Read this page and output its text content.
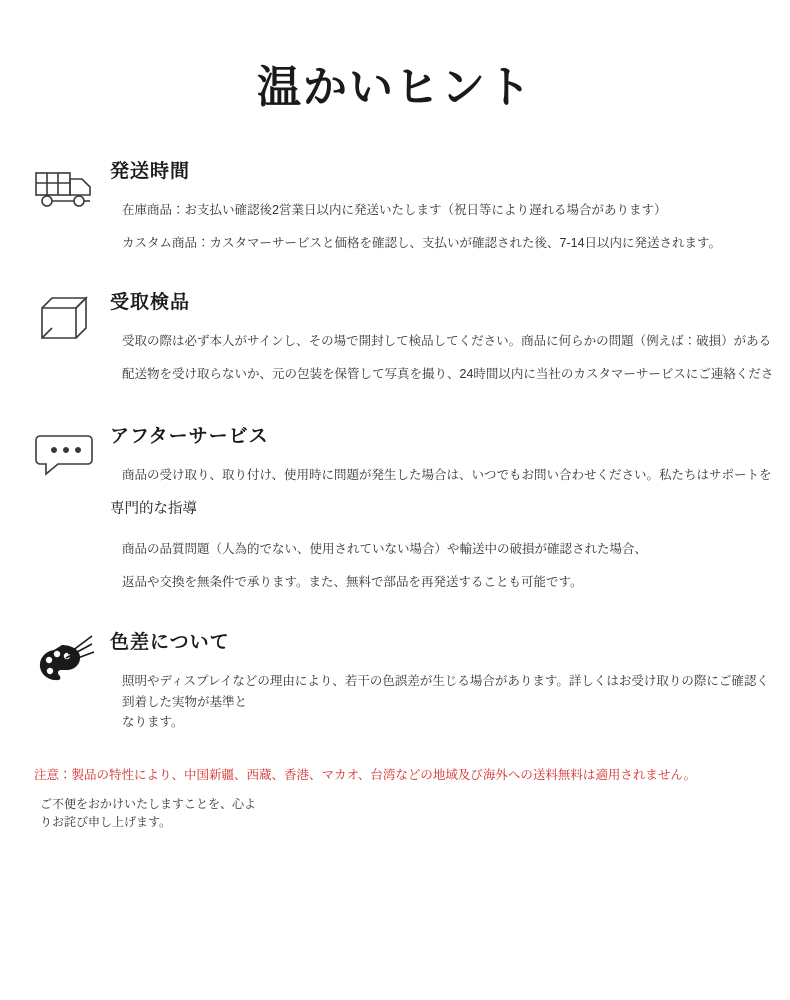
温かいヒント
発送時間

在庫商品：お支払い確認後2営業日以内に発送いたします（祝日等により遅れる場合があります）

カスタム商品：カスタマーサービスと価格を確認し、支払いが確認された後、7-14日以内に発送されます。

受取検品

受取の際は必ず本人がサインし、その場で開封して検品してください。商品に何らかの問題（例えば：破損）がある

配送物を受け取らないか、元の包装を保管して写真を撮り、24時間以内に当社のカスタマーサービスにご連絡くださ

アフターサービス

商品の受け取り、取り付け、使用時に問題が発生した場合は、いつでもお問い合わせください。私たちはサポートを

専門的な指導

商品の品質問題（人為的でない、使用されていない場合）や輸送中の破損が確認された場合、

返品や交換を無条件で承ります。また、無料で部品を再発送することも可能です。

色差について

照明やディスプレイなどの理由により、若干の色誤差が生じる場合があります。詳しくはお受け取りの際にご確認く

到着した実物が基準と

なります。

注意：製品の特性により、中国新疆、西蔵、香港、マカオ、台湾などの地域及び海外への送料無料は適用されません。

ご不便をおかけいたしますことを、心よ

りお詫び申し上げます。
